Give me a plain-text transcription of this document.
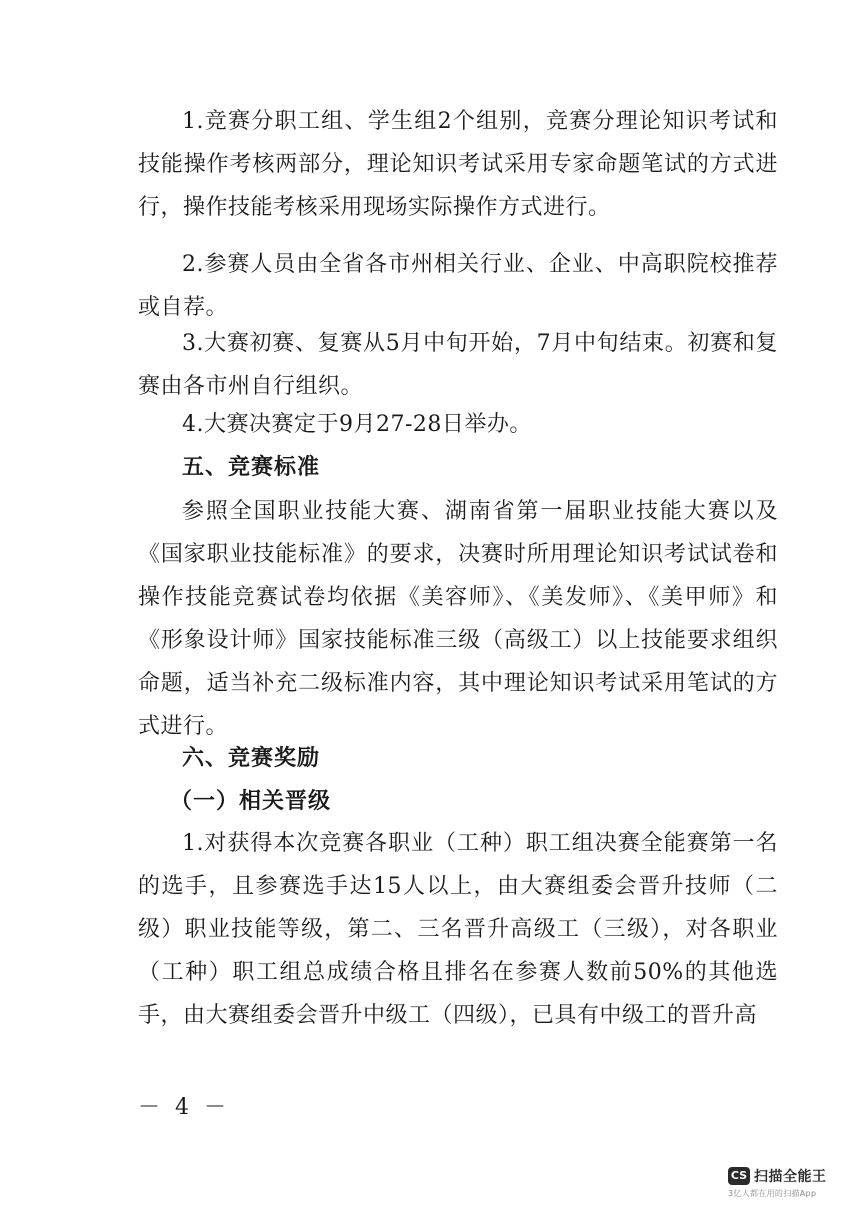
1.竞赛分职工组、学生组2个组别，竞赛分理论知识考试和技能操作考核两部分，理论知识考试采用专家命题笔试的方式进行，操作技能考核采用现场实际操作方式进行。

2.参赛人员由全省各市州相关行业、企业、中高职院校推荐或自荐。

3.大赛初赛、复赛从5月中旬开始，7月中旬结束。初赛和复赛由各市州自行组织。

4.大赛决赛定于9月27-28日举办。

五、竞赛标准

参照全国职业技能大赛、湖南省第一届职业技能大赛以及《国家职业技能标准》的要求，决赛时所用理论知识考试试卷和操作技能竞赛试卷均依据《美容师》、《美发师》、《美甲师》和《形象设计师》国家技能标准三级（高级工）以上技能要求组织命题，适当补充二级标准内容，其中理论知识考试采用笔试的方式进行。

六、竞赛奖励
（一）相关晋级

1.对获得本次竞赛各职业（工种）职工组决赛全能赛第一名的选手，且参赛选手达15人以上，由大赛组委会晋升技师（二级）职业技能等级，第二、三名晋升高级工（三级），对各职业（工种）职工组总成绩合格且排名在参赛人数前50%的其他选手，由大赛组委会晋升中级工（四级），已具有中级工的晋升高

－ 4 －
CS 扫描全能王
3亿人都在用的扫描App
